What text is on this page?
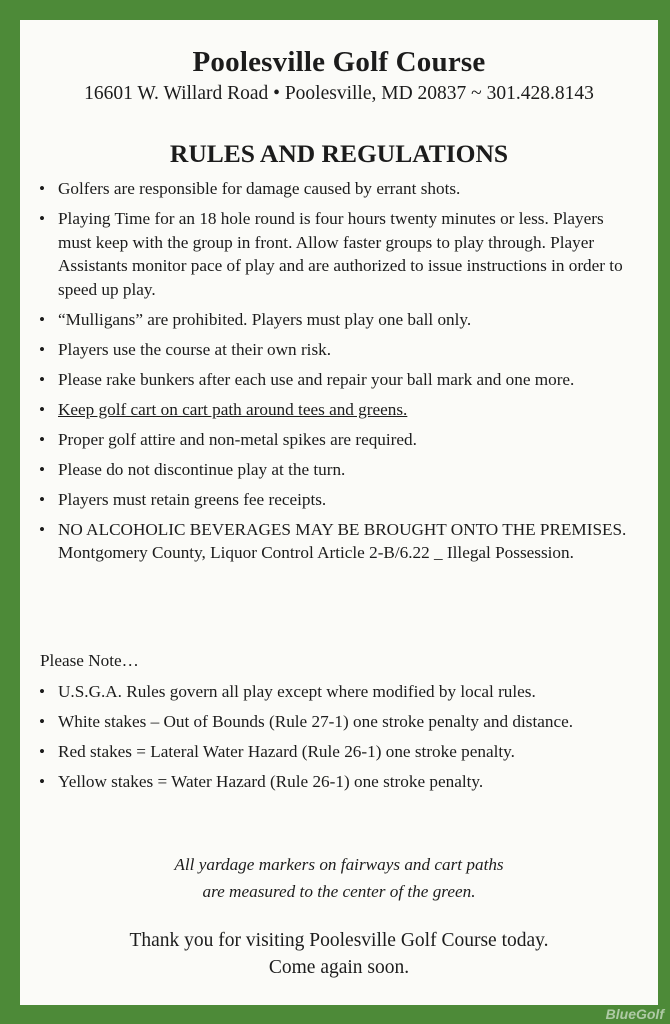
Poolesville Golf Course
16601 W. Willard Road • Poolesville, MD 20837 ~ 301.428.8143
RULES AND REGULATIONS
• Golfers are responsible for damage caused by errant shots.
• Playing Time for an 18 hole round is four hours twenty minutes or less. Players must keep with the group in front. Allow faster groups to play through. Player Assistants monitor pace of play and are authorized to issue instructions in order to speed up play.
• “Mulligans” are prohibited. Players must play one ball only.
• Players use the course at their own risk.
• Please rake bunkers after each use and repair your ball mark and one more.
• Keep golf cart on cart path around tees and greens.
• Proper golf attire and non-metal spikes are required.
• Please do not discontinue play at the turn.
• Players must retain greens fee receipts.
• NO ALCOHOLIC BEVERAGES MAY BE BROUGHT ONTO THE PREMISES. Montgomery County, Liquor Control Article 2-B/6.22 _ Illegal Possession.
Please Note…
• U.S.G.A. Rules govern all play except where modified by local rules.
• White stakes – Out of Bounds (Rule 27-1) one stroke penalty and distance.
• Red stakes = Lateral Water Hazard (Rule 26-1) one stroke penalty.
• Yellow stakes = Water Hazard (Rule 26-1) one stroke penalty.
All yardage markers on fairways and cart paths
are measured to the center of the green.
Thank you for visiting Poolesville Golf Course today.
Come again soon.
BlueGolf
